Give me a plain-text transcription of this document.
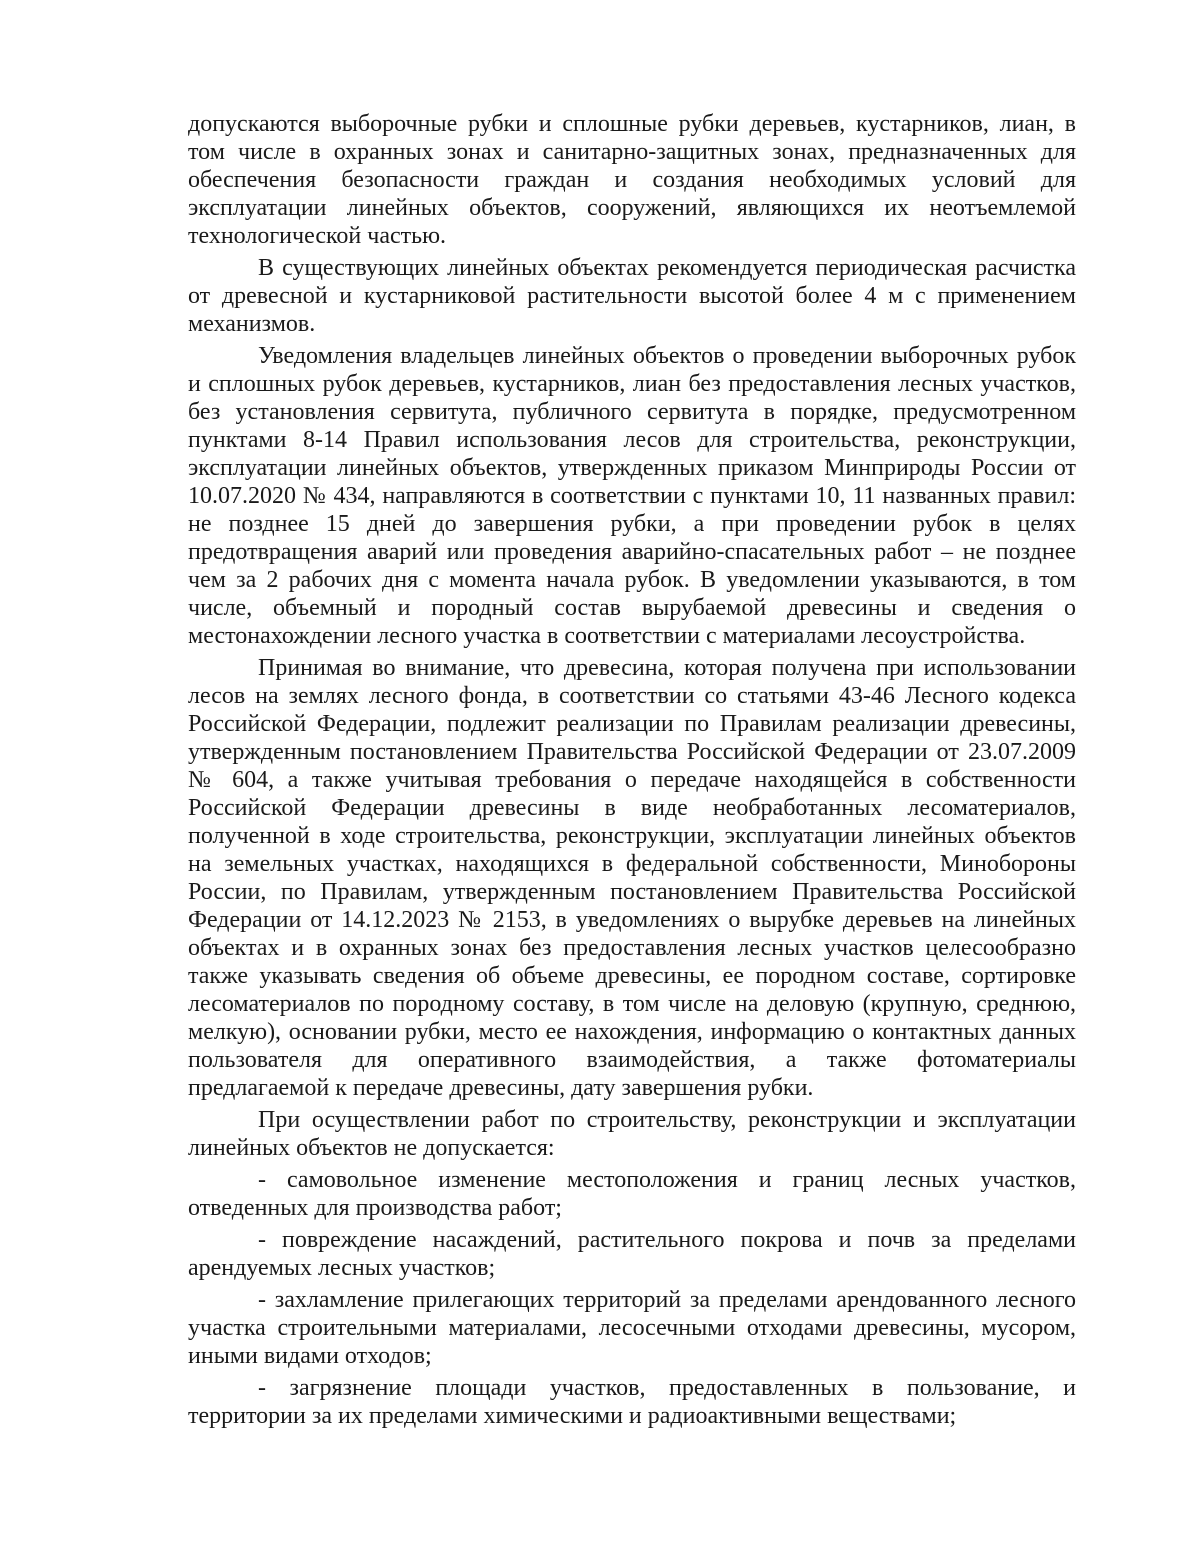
допускаются выборочные рубки и сплошные рубки деревьев, кустарников, лиан, в том числе в охранных зонах и санитарно-защитных зонах, предназначенных для обеспечения безопасности граждан и создания необходимых условий для эксплуатации линейных объектов, сооружений, являющихся их неотъемлемой технологической частью.

В существующих линейных объектах рекомендуется периодическая расчистка от древесной и кустарниковой растительности высотой более 4 м с применением механизмов.

Уведомления владельцев линейных объектов о проведении выборочных рубок и сплошных рубок деревьев, кустарников, лиан без предоставления лесных участков, без установления сервитута, публичного сервитута в порядке, предусмотренном пунктами 8-14 Правил использования лесов для строительства, реконструкции, эксплуатации линейных объектов, утвержденных приказом Минприроды России от 10.07.2020 № 434, направляются в соответствии с пунктами 10, 11 названных правил: не позднее 15 дней до завершения рубки, а при проведении рубок в целях предотвращения аварий или проведения аварийно-спасательных работ – не позднее чем за 2 рабочих дня с момента начала рубок. В уведомлении указываются, в том числе, объемный и породный состав вырубаемой древесины и сведения о местонахождении лесного участка в соответствии с материалами лесоустройства.

Принимая во внимание, что древесина, которая получена при использовании лесов на землях лесного фонда, в соответствии со статьями 43-46 Лесного кодекса Российской Федерации, подлежит реализации по Правилам реализации древесины, утвержденным постановлением Правительства Российской Федерации от 23.07.2009 № 604, а также учитывая требования о передаче находящейся в собственности Российской Федерации древесины в виде необработанных лесоматериалов, полученной в ходе строительства, реконструкции, эксплуатации линейных объектов на земельных участках, находящихся в федеральной собственности, Минобороны России, по Правилам, утвержденным постановлением Правительства Российской Федерации от 14.12.2023 № 2153, в уведомлениях о вырубке деревьев на линейных объектах и в охранных зонах без предоставления лесных участков целесообразно также указывать сведения об объеме древесины, ее породном составе, сортировке лесоматериалов по породному составу, в том числе на деловую (крупную, среднюю, мелкую), основании рубки, место ее нахождения, информацию о контактных данных пользователя для оперативного взаимодействия, а также фотоматериалы предлагаемой к передаче древесины, дату завершения рубки.

При осуществлении работ по строительству, реконструкции и эксплуатации линейных объектов не допускается:

- самовольное изменение местоположения и границ лесных участков, отведенных для производства работ;

- повреждение насаждений, растительного покрова и почв за пределами арендуемых лесных участков;

- захламление прилегающих территорий за пределами арендованного лесного участка строительными материалами, лесосечными отходами древесины, мусором, иными видами отходов;

- загрязнение площади участков, предоставленных в пользование, и территории за их пределами химическими и радиоактивными веществами;
